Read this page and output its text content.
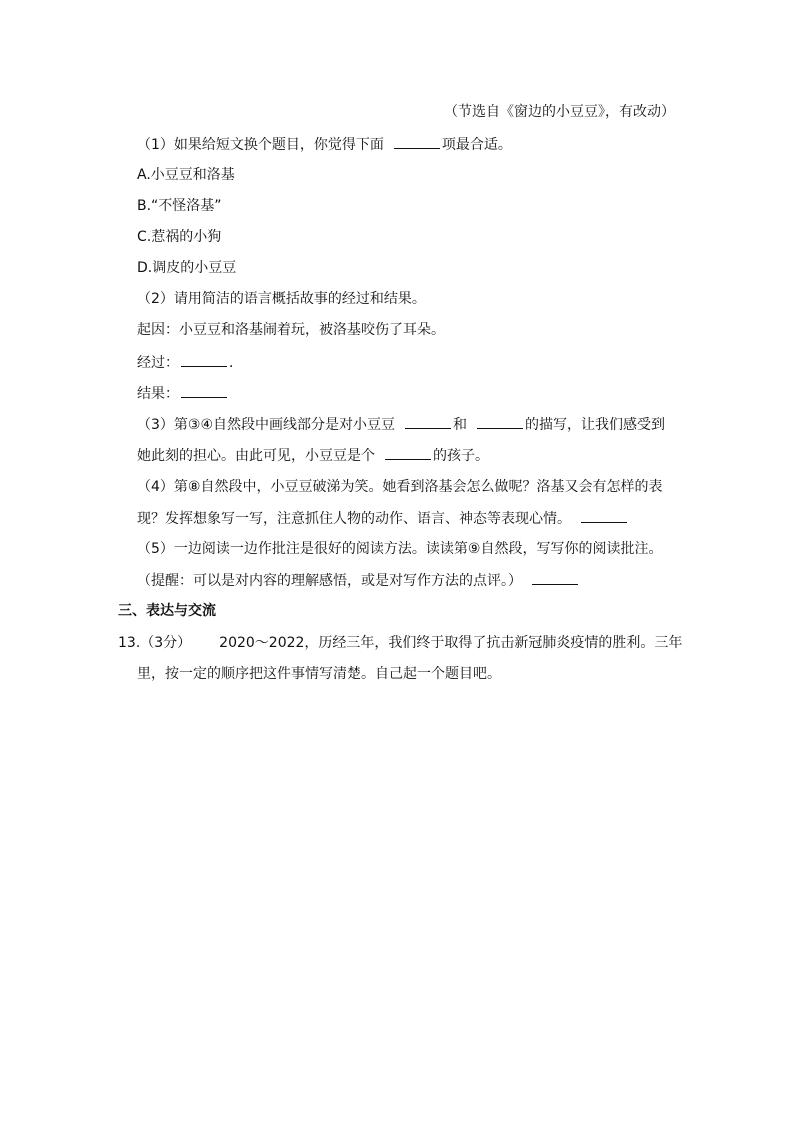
（节选自《窗边的小豆豆》，有改动）
（1）如果给短文换个题目，你觉得下面	项最合适。
A.小豆豆和洛基
B.“不怪洛基”
C.惹祸的小狗
D.调皮的小豆豆
（2）请用简洁的语言概括故事的经过和结果。
起因：小豆豆和洛基闹着玩，被洛基咬伤了耳朵。
经过：	.
结果：
（3）第③④自然段中画线部分是对小豆豆	和	的描写，让我们感受到
她此刻的担心。由此可见，小豆豆是个	的孩子。
（4）第⑧自然段中，小豆豆破涕为笑。她看到洛基会怎么做呢？洛基又会有怎样的表
现？发挥想象写一写，注意抓住人物的动作、语言、神态等表现心情。
（5）一边阅读一边作批注是很好的阅读方法。读读第⑨自然段，写写你的阅读批注。
（提醒：可以是对内容的理解感悟，或是对写作方法的点评。）
三、表达与交流
13.（3分） 2020～2022，历经三年，我们终于取得了抗击新冠肺炎疫情的胜利。三年
里，按一定的顺序把这件事情写清楚。自己起一个题目吧。
